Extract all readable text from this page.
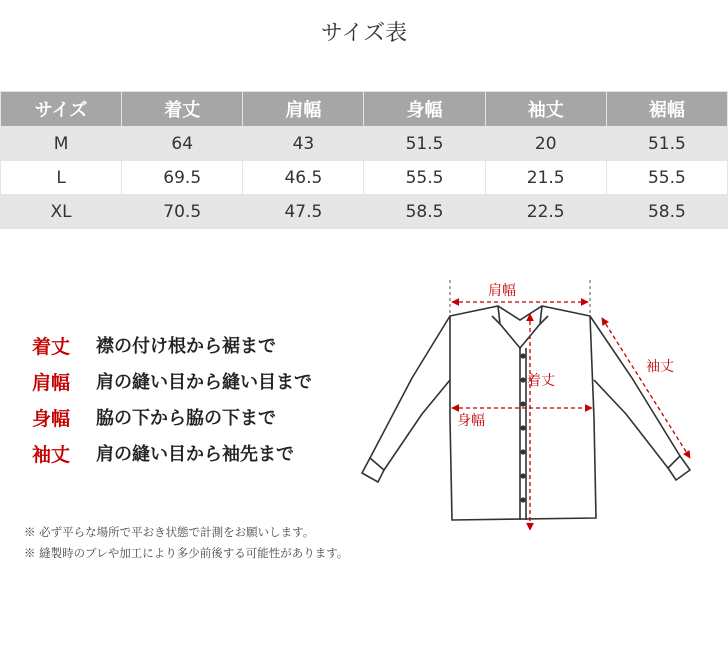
サイズ表
サイズ	着丈	肩幅	身幅	袖丈	裾幅
M	64	43	51.5	20	51.5
L	69.5	46.5	55.5	21.5	55.5
XL	70.5	47.5	58.5	22.5	58.5
着丈	襟の付け根から裾まで
肩幅	肩の縫い目から縫い目まで
身幅	脇の下から脇の下まで
袖丈	肩の縫い目から袖先まで
※ 必ず平らな場所で平おき状態で計測をお願いします。
※ 縫製時のブレや加工により多少前後する可能性があります。
肩幅
着丈
身幅
袖丈
